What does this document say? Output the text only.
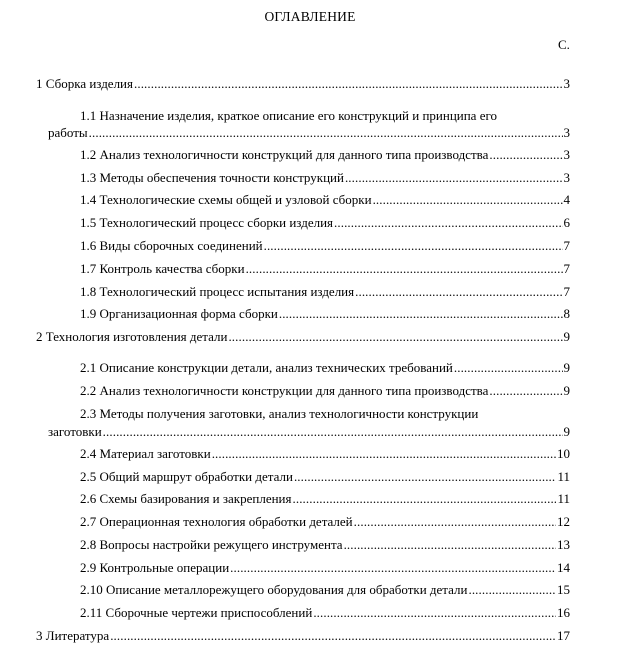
ОГЛАВЛЕНИЕ
С.
1 Сборка изделия .....	3
1.1 Назначение изделия, краткое описание его конструкций и принципа его
работы .....	3
1.2 Анализ технологичности конструкций для данного типа производства .....	3
1.3 Методы обеспечения точности конструкций .....	3
1.4 Технологические схемы общей и узловой сборки .....	4
1.5 Технологический процесс сборки изделия .....	6
1.6 Виды сборочных соединений .....	7
1.7 Контроль качества сборки .....	7
1.8 Технологический процесс испытания изделия .....	7
1.9 Организационная форма сборки .....	8
2 Технология изготовления детали .....	9
2.1 Описание конструкции детали, анализ технических требований .....	9
2.2 Анализ технологичности конструкции для данного типа производства .....	9
2.3 Методы получения заготовки, анализ технологичности конструкции
заготовки .....	9
2.4 Материал заготовки .....	10
2.5 Общий маршрут обработки детали .....	11
2.6 Схемы базирования и закрепления .....	11
2.7 Операционная технология обработки деталей .....	12
2.8 Вопросы настройки режущего инструмента .....	13
2.9 Контрольные операции .....	14
2.10 Описание металлорежущего оборудования для обработки детали .....	15
2.11 Сборочные чертежи приспособлений .....	16
3 Литература .....	17
